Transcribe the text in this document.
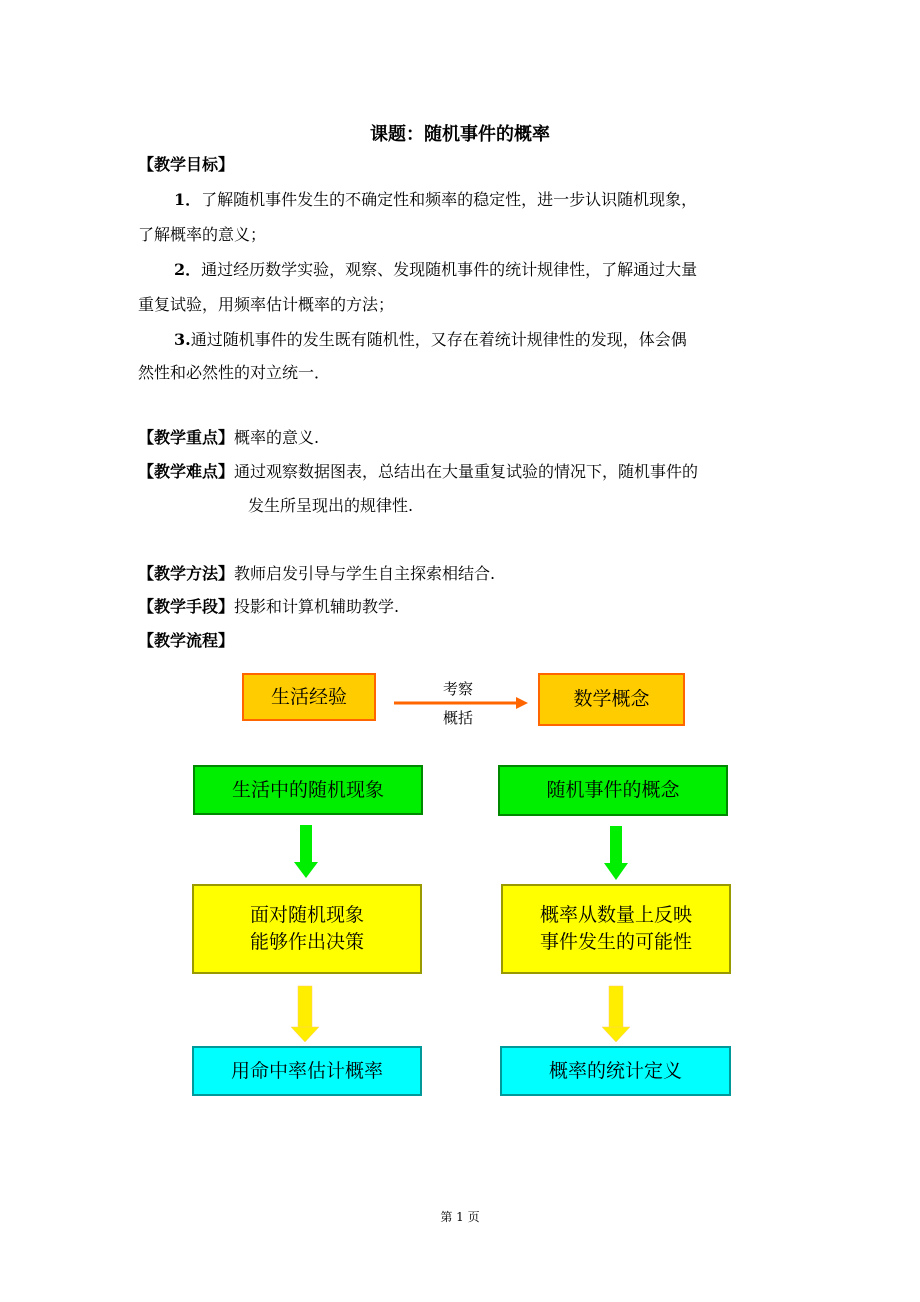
课题：随机事件的概率
【教学目标】
1．了解随机事件发生的不确定性和频率的稳定性，进一步认识随机现象，
了解概率的意义；
2．通过经历数学实验，观察、发现随机事件的统计规律性，了解通过大量
重复试验，用频率估计概率的方法；
3.通过随机事件的发生既有随机性，又存在着统计规律性的发现，体会偶
然性和必然性的对立统一．
【教学重点】概率的意义.
【教学难点】通过观察数据图表，总结出在大量重复试验的情况下，随机事件的
发生所呈现出的规律性.
【教学方法】教师启发引导与学生自主探索相结合.
【教学手段】投影和计算机辅助教学.
【教学流程】
生活经验	考察
概括
数学概念
生活中的随机现象	随机事件的概念
面对随机现象
能够作出决策
概率从数量上反映
事件发生的可能性
用命中率估计概率	概率的统计定义
第 1 页
